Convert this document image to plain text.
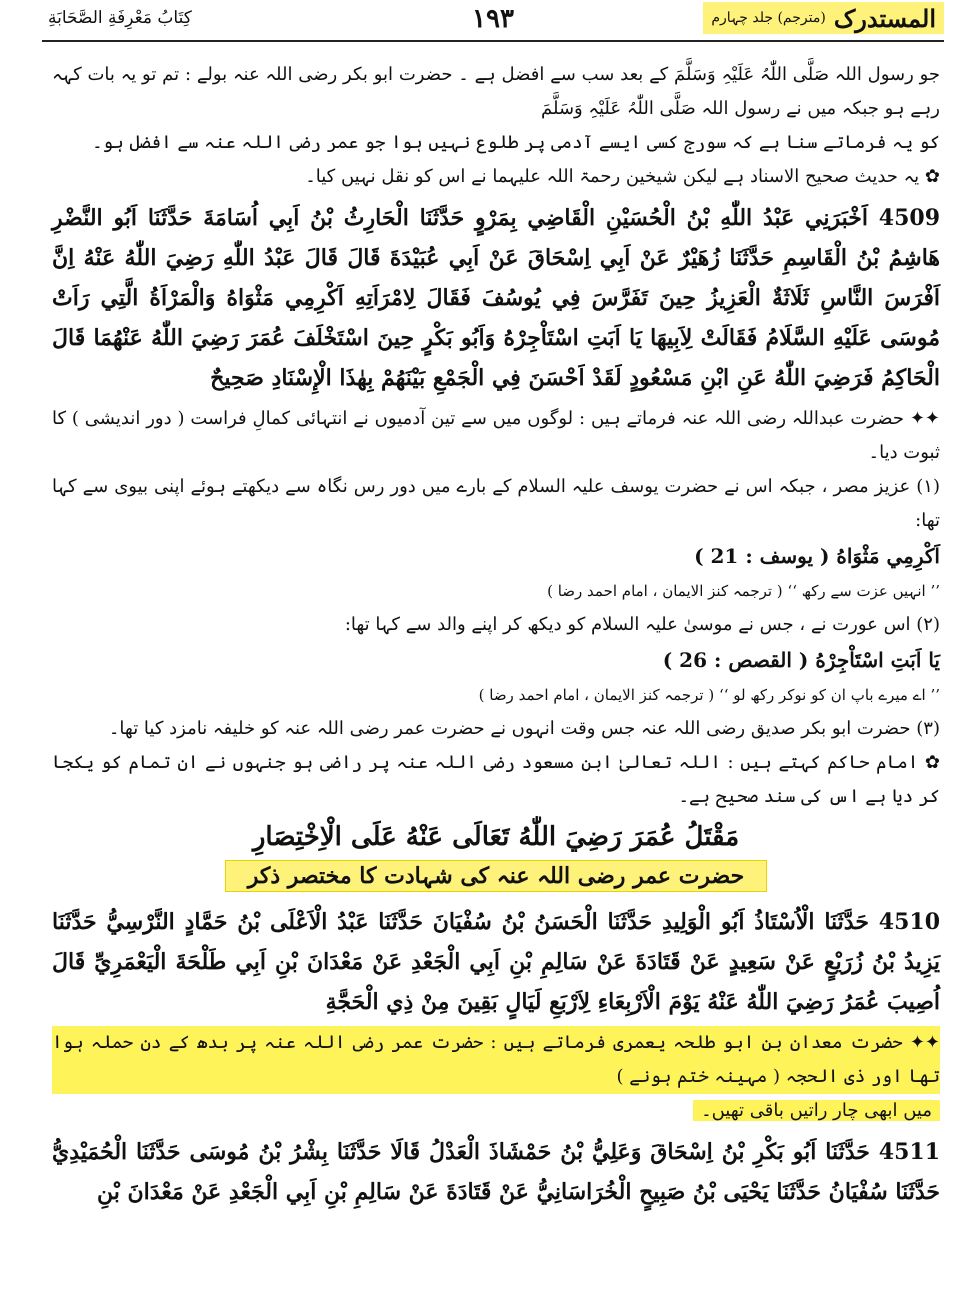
المستدرک
(مترجم) جلد چہارم
١٩٣
كِتَابُ مَعْرِفَةِ الصَّحَابَةِ

جو رسول اللہ صَلَّی اللّٰہُ عَلَیْہِ وَسَلَّمَ کے بعد سب سے افضل ہے ۔ حضرت ابو بکر رضی اللہ عنہ بولے : تم تو یہ بات کہہ رہے ہو جبکہ میں نے رسول اللہ صَلَّی اللّٰہُ عَلَیْہِ وَسَلَّمَ

کو یہ فرماتے سنا ہے کہ سورج کسی ایسے آدمی پر طلوع نہیں ہوا جو عمر رضی اللہ عنہ سے افضل ہو۔

✿ یہ حدیث صحیح الاسناد ہے لیکن شیخین رحمۃ اللہ علیہما نے اس کو نقل نہیں کیا۔

4509 اَخْبَرَنِي عَبْدُ اللّٰهِ بْنُ الْحُسَيْنِ الْقَاضِي بِمَرْوٍ حَدَّثَنَا الْحَارِثُ بْنُ اَبِي اُسَامَةَ حَدَّثَنَا اَبُو النَّضْرِ هَاشِمُ بْنُ الْقَاسِمِ حَدَّثَنَا زُهَيْرٌ عَنْ اَبِي اِسْحَاقَ عَنْ اَبِي عُبَيْدَةَ قَالَ قَالَ عَبْدُ اللّٰهِ رَضِيَ اللّٰهُ عَنْهُ اِنَّ اَفْرَسَ النَّاسِ ثَلَاثَةٌ الْعَزِيزُ حِينَ تَفَرَّسَ فِي يُوسُفَ فَقَالَ لِامْرَاَتِهِ اَكْرِمِي مَثْوَاهُ وَالْمَرْاَةُ الَّتِي رَاَتْ مُوسَى عَلَيْهِ السَّلَامُ فَقَالَتْ لِاَبِيهَا يَا اَبَتِ اسْتَاْجِرْهُ وَاَبُو بَكْرٍ حِينَ اسْتَخْلَفَ عُمَرَ رَضِيَ اللّٰهُ عَنْهُمَا قَالَ الْحَاكِمُ فَرَضِيَ اللّٰهُ عَنِ ابْنِ مَسْعُودٍ لَقَدْ اَحْسَنَ فِي الْجَمْعِ بَيْنَهُمْ بِهٰذَا الْإِسْنَادِ صَحِيحٌ

✦✦ حضرت عبداللہ رضی اللہ عنہ فرماتے ہیں : لوگوں میں سے تین آدمیوں نے انتہائی کمالِ فراست ( دور اندیشی ) کا ثبوت دیا۔

(۱) عزیز مصر ، جبکہ اس نے حضرت یوسف علیہ السلام کے بارے میں دور رس نگاہ سے دیکھتے ہوئے اپنی بیوی سے کہا تھا:

اَكْرِمِي مَثْوَاهُ ( یوسف : 21 )

’’ انہیں عزت سے رکھ ‘‘ ( ترجمہ کنز الایمان ، امام احمد رضا )

(۲) اس عورت نے ، جس نے موسیٰ علیہ السلام کو دیکھ کر اپنے والد سے کہا تھا:

يَا اَبَتِ اسْتَاْجِرْهُ ( القصص : 26 )

’’ اے میرے باپ ان کو نوکر رکھ لو ‘‘ ( ترجمہ کنز الایمان ، امام احمد رضا )

(۳) حضرت ابو بکر صدیق رضی اللہ عنہ جس وقت انہوں نے حضرت عمر رضی اللہ عنہ کو خلیفہ نامزد کیا تھا۔

✿ امام حاکم کہتے ہیں : اللہ تعالیٰ ابن مسعود رضی اللہ عنہ پر راضی ہو جنہوں نے ان تمام کو یکجا کر دیا ہے اس کی سند صحیح ہے۔

مَقْتَلُ عُمَرَ رَضِيَ اللّٰهُ تَعَالَى عَنْهُ عَلَى الْاِخْتِصَارِ
حضرت عمر رضی اللہ عنہ کی شہادت کا مختصر ذکر

4510 حَدَّثَنَا الْاُسْتَاذُ اَبُو الْوَلِيدِ حَدَّثَنَا الْحَسَنُ بْنُ سُفْيَانَ حَدَّثَنَا عَبْدُ الْاَعْلَى بْنُ حَمَّادٍ النَّرْسِيُّ حَدَّثَنَا يَزِيدُ بْنُ زُرَيْعٍ عَنْ سَعِيدٍ عَنْ قَتَادَةَ عَنْ سَالِمِ بْنِ اَبِي الْجَعْدِ عَنْ مَعْدَانَ بْنِ اَبِي طَلْحَةَ الْيَعْمَرِيِّ قَالَ اُصِيبَ عُمَرُ رَضِيَ اللّٰهُ عَنْهُ يَوْمَ الْاَرْبِعَاءِ لِاَرْبَعِ لَيَالٍ بَقِينَ مِنْ ذِي الْحَجَّةِ

✦✦ حضرت معدان بن ابو طلحہ یعمری فرماتے ہیں : حضرت عمر رضی اللہ عنہ پر بدھ کے دن حملہ ہوا تھا اور ذی الحجہ ( مہینہ ختم ہونے )

میں ابھی چار راتیں باقی تھیں۔

4511 حَدَّثَنَا اَبُو بَكْرِ بْنُ اِسْحَاقَ وَعَلِيُّ بْنُ حَمْشَاذَ الْعَدْلُ قَالَا حَدَّثَنَا بِشْرُ بْنُ مُوسَى حَدَّثَنَا الْحُمَيْدِيُّ حَدَّثَنَا سُفْيَانُ حَدَّثَنَا يَحْيَى بْنُ صَبِيحٍ الْخُرَاسَانِيُّ عَنْ قَتَادَةَ عَنْ سَالِمِ بْنِ اَبِي الْجَعْدِ عَنْ مَعْدَانَ بْنِ
